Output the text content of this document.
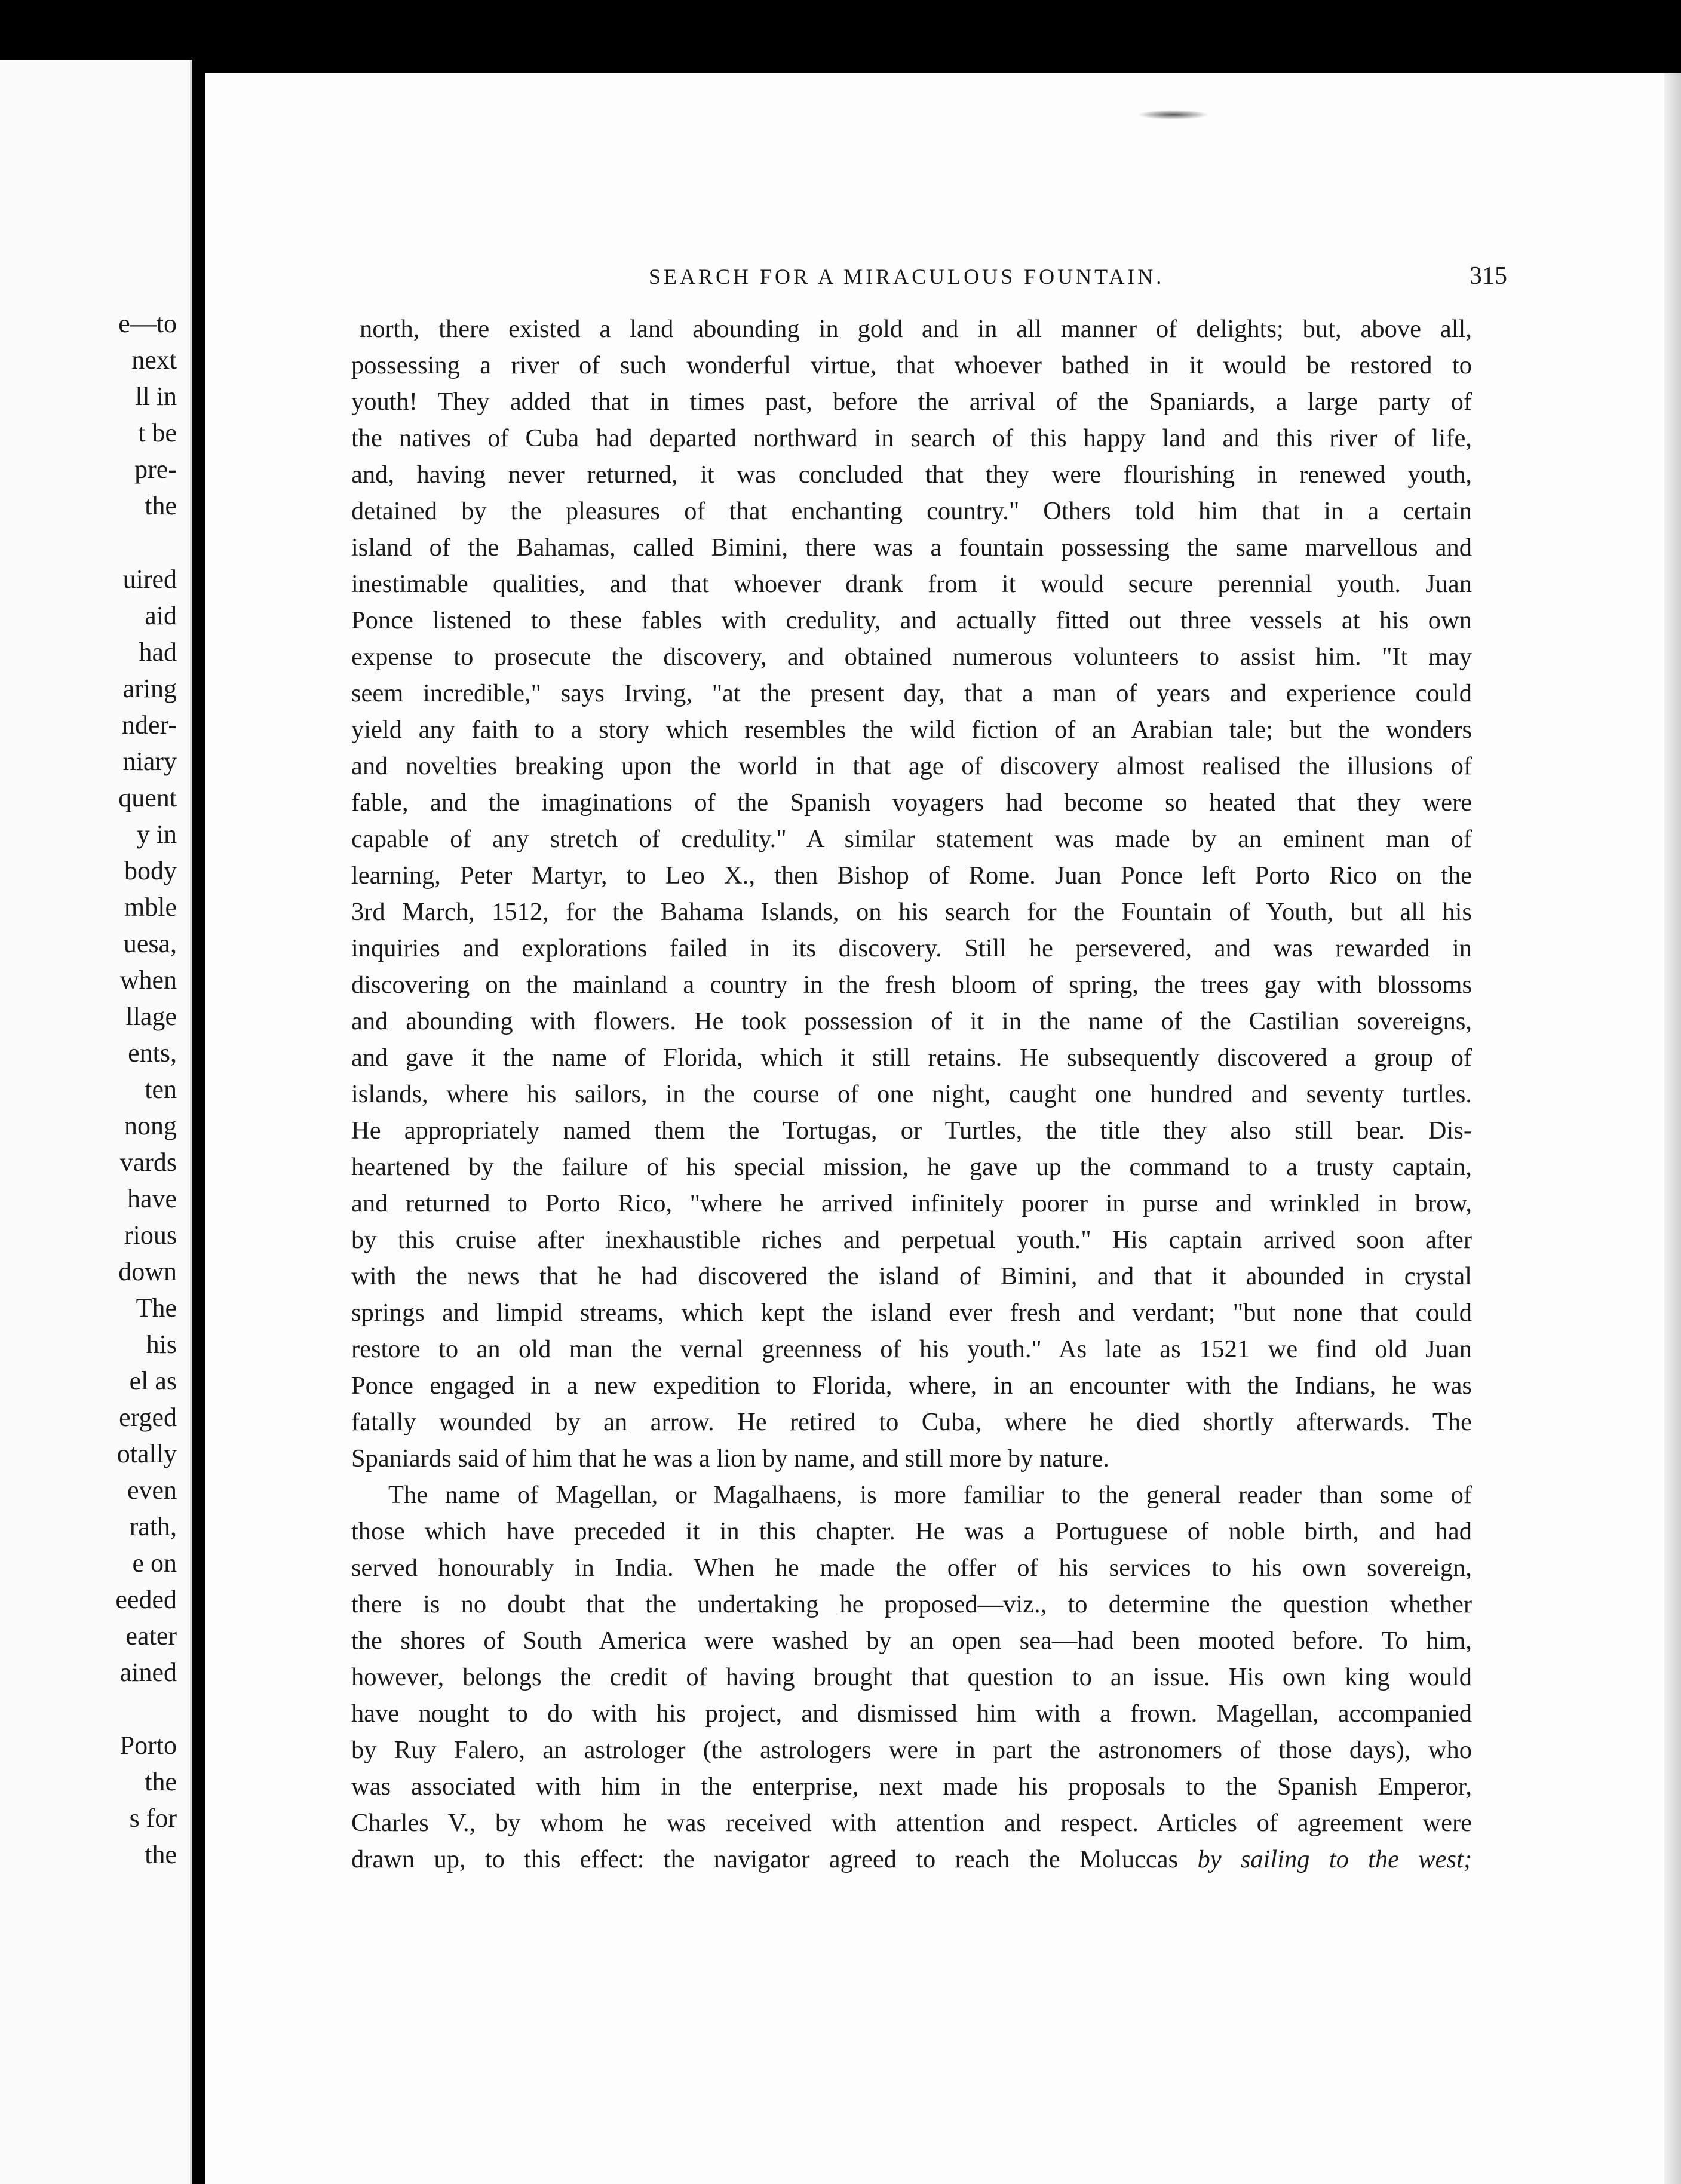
e—to
next
ll in
t be
pre-
the
uired
aid
had
aring
nder-
niary
quent
y in
body
mble
uesa,
when
llage
ents,
ten
nong
vards
have
rious
down
The
his
el as
erged
otally
even
rath,
e on
eeded
eater
ained
Porto
the
s for
the
SEARCH FOR A MIRACULOUS FOUNTAIN.	315
north, there existed a land abounding in gold and in all manner of delights; but, above all,
possessing a river of such wonderful virtue, that whoever bathed in it would be restored to
youth! They added that in times past, before the arrival of the Spaniards, a large party of
the natives of Cuba had departed northward in search of this happy land and this river of life,
and, having never returned, it was concluded that they were flourishing in renewed youth,
detained by the pleasures of that enchanting country." Others told him that in a certain
island of the Bahamas, called Bimini, there was a fountain possessing the same marvellous and
inestimable qualities, and that whoever drank from it would secure perennial youth. Juan
Ponce listened to these fables with credulity, and actually fitted out three vessels at his own
expense to prosecute the discovery, and obtained numerous volunteers to assist him. "It may
seem incredible," says Irving, "at the present day, that a man of years and experience could
yield any faith to a story which resembles the wild fiction of an Arabian tale; but the wonders
and novelties breaking upon the world in that age of discovery almost realised the illusions of
fable, and the imaginations of the Spanish voyagers had become so heated that they were
capable of any stretch of credulity." A similar statement was made by an eminent man of
learning, Peter Martyr, to Leo X., then Bishop of Rome. Juan Ponce left Porto Rico on the
3rd March, 1512, for the Bahama Islands, on his search for the Fountain of Youth, but all his
inquiries and explorations failed in its discovery. Still he persevered, and was rewarded in
discovering on the mainland a country in the fresh bloom of spring, the trees gay with blossoms
and abounding with flowers. He took possession of it in the name of the Castilian sovereigns,
and gave it the name of Florida, which it still retains. He subsequently discovered a group of
islands, where his sailors, in the course of one night, caught one hundred and seventy turtles.
He appropriately named them the Tortugas, or Turtles, the title they also still bear. Dis-
heartened by the failure of his special mission, he gave up the command to a trusty captain,
and returned to Porto Rico, "where he arrived infinitely poorer in purse and wrinkled in brow,
by this cruise after inexhaustible riches and perpetual youth." His captain arrived soon after
with the news that he had discovered the island of Bimini, and that it abounded in crystal
springs and limpid streams, which kept the island ever fresh and verdant; "but none that could
restore to an old man the vernal greenness of his youth." As late as 1521 we find old Juan
Ponce engaged in a new expedition to Florida, where, in an encounter with the Indians, he was
fatally wounded by an arrow. He retired to Cuba, where he died shortly afterwards. The
Spaniards said of him that he was a lion by name, and still more by nature.
The name of Magellan, or Magalhaens, is more familiar to the general reader than some of
those which have preceded it in this chapter. He was a Portuguese of noble birth, and had
served honourably in India. When he made the offer of his services to his own sovereign,
there is no doubt that the undertaking he proposed—viz., to determine the question whether
the shores of South America were washed by an open sea—had been mooted before. To him,
however, belongs the credit of having brought that question to an issue. His own king would
have nought to do with his project, and dismissed him with a frown. Magellan, accompanied
by Ruy Falero, an astrologer (the astrologers were in part the astronomers of those days), who
was associated with him in the enterprise, next made his proposals to the Spanish Emperor,
Charles V., by whom he was received with attention and respect. Articles of agreement were
drawn up, to this effect: the navigator agreed to reach the Moluccas by sailing to the west;
